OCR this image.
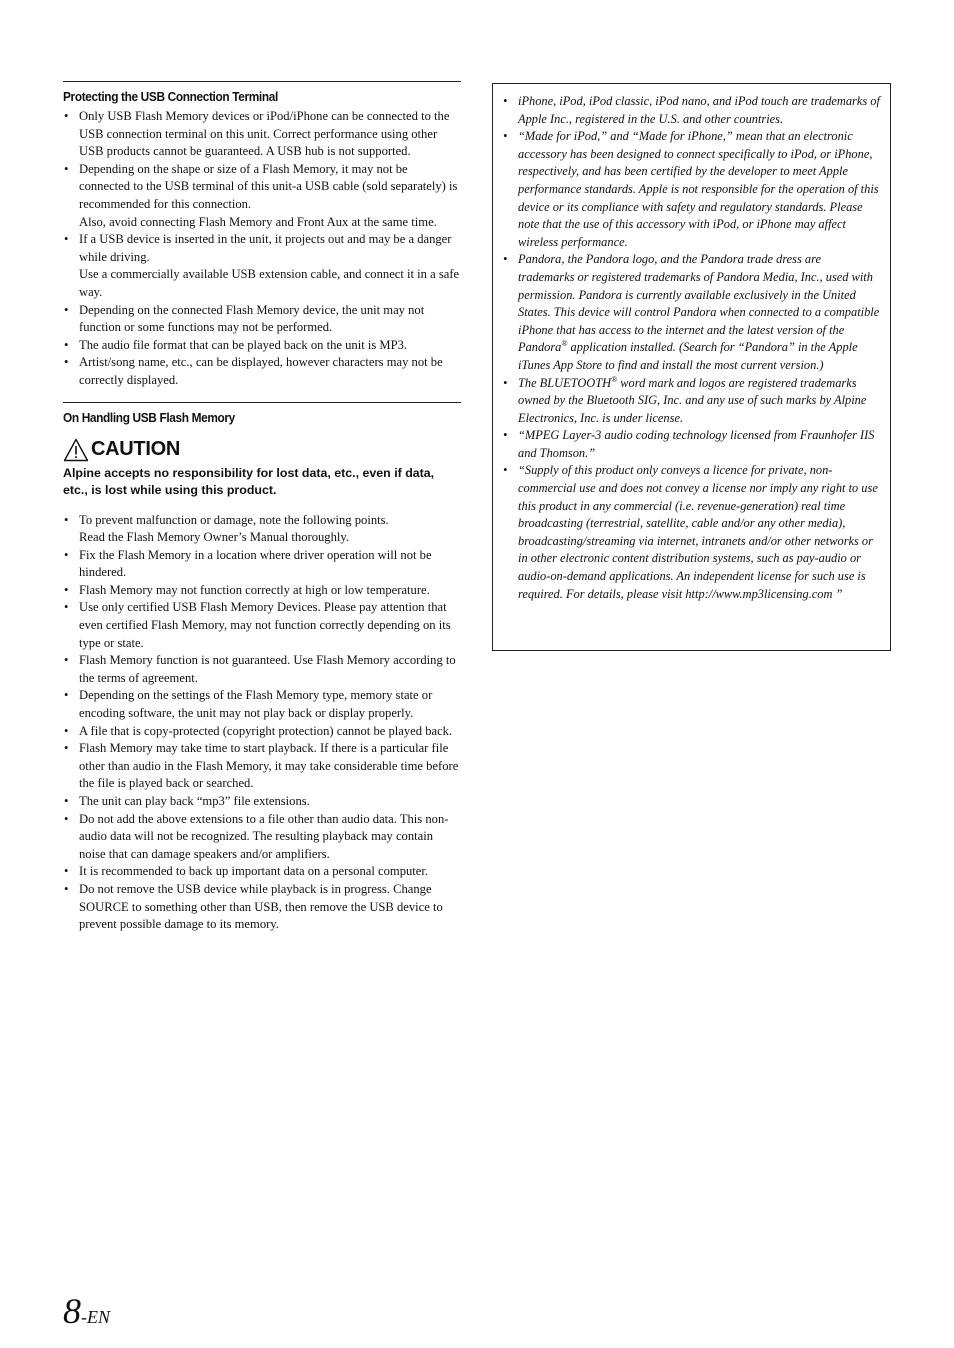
Protecting the USB Connection Terminal
• Only USB Flash Memory devices or iPod/iPhone can be connected to the USB connection terminal on this unit. Correct performance using other USB products cannot be guaranteed. A USB hub is not supported.
• Depending on the shape or size of a Flash Memory, it may not be connected to the USB terminal of this unit-a USB cable (sold separately) is recommended for this connection.
Also, avoid connecting Flash Memory and Front Aux at the same time.
• If a USB device is inserted in the unit, it projects out and may be a danger while driving.
Use a commercially available USB extension cable, and connect it in a safe way.
• Depending on the connected Flash Memory device, the unit may not function or some functions may not be performed.
• The audio file format that can be played back on the unit is MP3.
• Artist/song name, etc., can be displayed, however characters may not be correctly displayed.
On Handling USB Flash Memory
CAUTION
Alpine accepts no responsibility for lost data, etc., even if data, etc., is lost while using this product.
• To prevent malfunction or damage, note the following points.
Read the Flash Memory Owner’s Manual thoroughly.
• Fix the Flash Memory in a location where driver operation will not be hindered.
• Flash Memory may not function correctly at high or low temperature.
• Use only certified USB Flash Memory Devices. Please pay attention that even certified Flash Memory, may not function correctly depending on its type or state.
• Flash Memory function is not guaranteed. Use Flash Memory according to the terms of agreement.
• Depending on the settings of the Flash Memory type, memory state or encoding software, the unit may not play back or display properly.
• A file that is copy-protected (copyright protection) cannot be played back.
• Flash Memory may take time to start playback. If there is a particular file other than audio in the Flash Memory, it may take considerable time before the file is played back or searched.
• The unit can play back “mp3” file extensions.
• Do not add the above extensions to a file other than audio data. This non-audio data will not be recognized. The resulting playback may contain noise that can damage speakers and/or amplifiers.
• It is recommended to back up important data on a personal computer.
• Do not remove the USB device while playback is in progress. Change SOURCE to something other than USB, then remove the USB device to prevent possible damage to its memory.
• iPhone, iPod, iPod classic, iPod nano, and iPod touch are trademarks of Apple Inc., registered in the U.S. and other countries.
• “Made for iPod,” and “Made for iPhone,” mean that an electronic accessory has been designed to connect specifically to iPod, or iPhone, respectively, and has been certified by the developer to meet Apple performance standards. Apple is not responsible for the operation of this device or its compliance with safety and regulatory standards. Please note that the use of this accessory with iPod, or iPhone may affect wireless performance.
• Pandora, the Pandora logo, and the Pandora trade dress are trademarks or registered trademarks of Pandora Media, Inc., used with permission. Pandora is currently available exclusively in the United States. This device will control Pandora when connected to a compatible iPhone that has access to the internet and the latest version of the Pandora® application installed. (Search for “Pandora” in the Apple iTunes App Store to find and install the most current version.)
• The BLUETOOTH® word mark and logos are registered trademarks owned by the Bluetooth SIG, Inc. and any use of such marks by Alpine Electronics, Inc. is under license.
• “MPEG Layer-3 audio coding technology licensed from Fraunhofer IIS and Thomson.”
• “Supply of this product only conveys a licence for private, non-commercial use and does not convey a license nor imply any right to use this product in any commercial (i.e. revenue-generation) real time broadcasting (terrestrial, satellite, cable and/or any other media), broadcasting/streaming via internet, intranets and/or other networks or in other electronic content distribution systems, such as pay-audio or audio-on-demand applications. An independent license for such use is required. For details, please visit http://www.mp3licensing.com ”
8-EN
